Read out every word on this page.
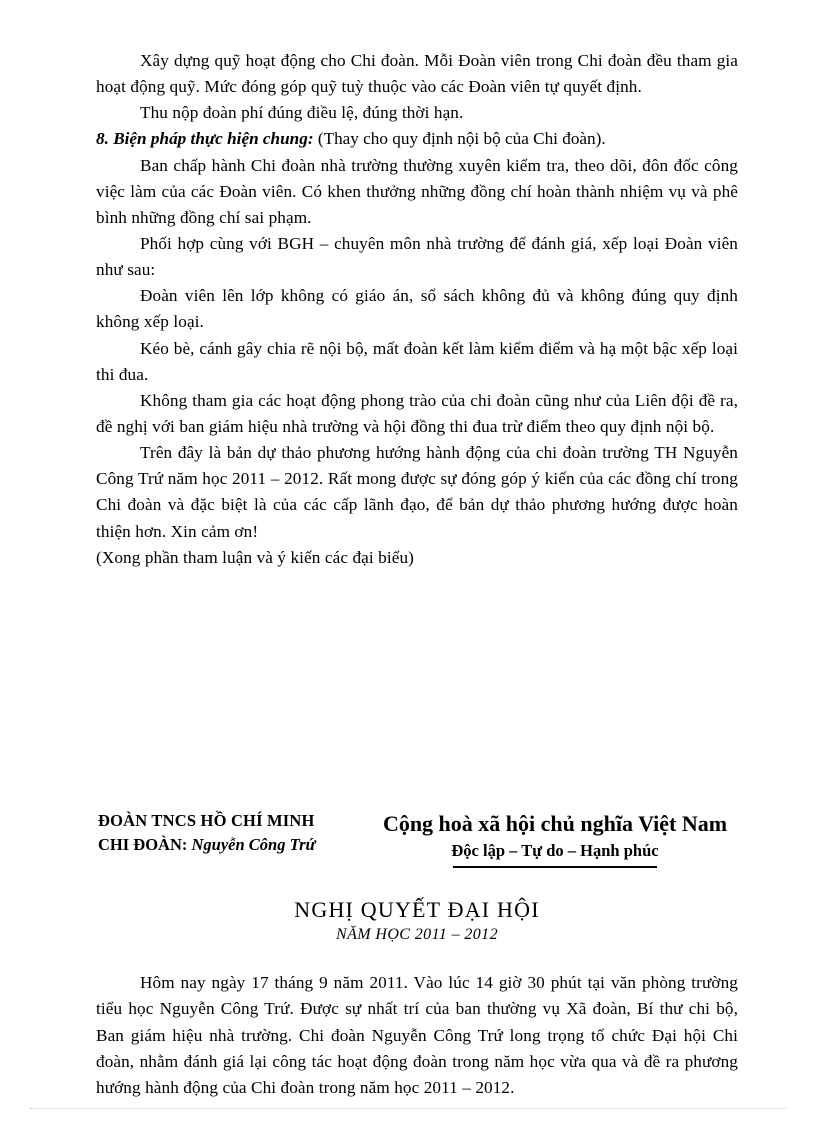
Xây dựng quỹ hoạt động cho Chi đoàn. Mỗi Đoàn viên trong Chi đoàn đều tham gia hoạt động quỹ. Mức đóng góp quỹ tuỳ thuộc vào các Đoàn viên tự quyết định.

Thu nộp đoàn phí đúng điều lệ, đúng thời hạn.

8. Biện pháp thực hiện chung: (Thay cho quy định nội bộ của Chi đoàn).

Ban chấp hành Chi đoàn nhà trường thường xuyên kiểm tra, theo dõi, đôn đốc công việc làm của các Đoàn viên. Có khen thưởng những đồng chí hoàn thành nhiệm vụ và phê bình những đồng chí sai phạm.

Phối hợp cùng với BGH – chuyên môn nhà trường để đánh giá, xếp loại Đoàn viên như sau:

Đoàn viên lên lớp không có giáo án, sổ sách không đủ và không đúng quy định không xếp loại.

Kéo bè, cánh gây chia rẽ nội bộ, mất đoàn kết làm kiểm điểm và hạ một bậc xếp loại thi đua.

Không tham gia các hoạt động phong trào của chi đoàn cũng như của Liên đội đề ra, đề nghị với ban giám hiệu nhà trường và hội đồng thi đua trừ điểm theo quy định nội bộ.

Trên đây là bản dự thảo phương hướng hành động của chi đoàn trường TH Nguyễn Công Trứ năm học 2011 – 2012. Rất mong được sự đóng góp ý kiến của các đồng chí trong Chi đoàn và đặc biệt là của các cấp lãnh đạo, để bản dự thảo phương hướng được hoàn thiện hơn. Xin cảm ơn!

(Xong phần tham luận và ý kiến các đại biểu)

ĐOÀN TNCS HỒ CHÍ MINH
CHI ĐOÀN: Nguyễn Công Trứ
Cộng hoà xã hội chủ nghĩa Việt Nam
Độc lập – Tự do – Hạnh phúc
NGHỊ QUYẾT ĐẠI HỘI
NĂM HỌC 2011 – 2012

Hôm nay ngày 17 tháng 9 năm 2011. Vào lúc 14 giờ 30 phút tại văn phòng trường tiểu học Nguyễn Công Trứ. Được sự nhất trí của ban thường vụ Xã đoàn, Bí thư chi bộ, Ban giám hiệu nhà trường. Chi đoàn Nguyễn Công Trứ long trọng tổ chức Đại hội Chi đoàn, nhằm đánh giá lại công tác hoạt động đoàn trong năm học vừa qua và đề ra phương hướng hành động của Chi đoàn trong năm học 2011 – 2012.
